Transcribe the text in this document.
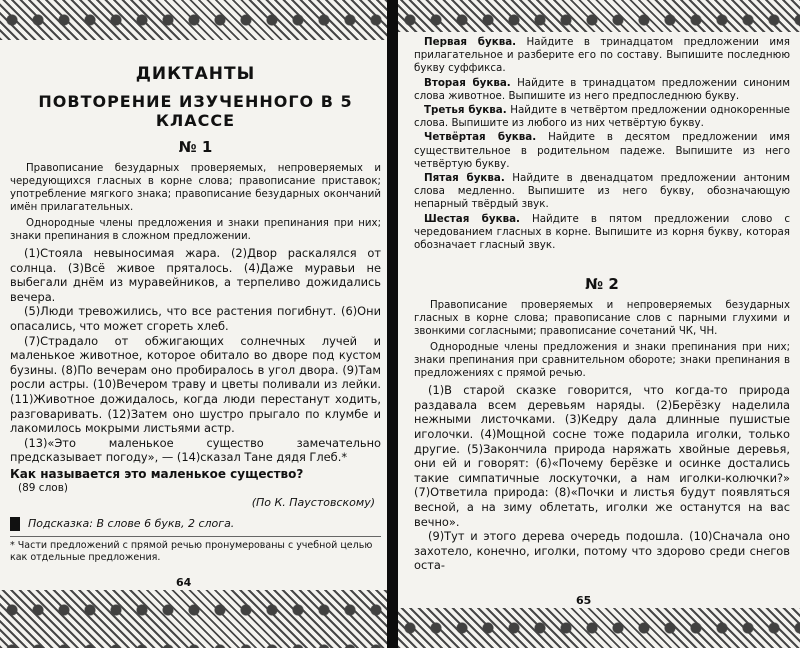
ДИКТАНТЫ
ПОВТОРЕНИЕ ИЗУЧЕННОГО В 5 КЛАССЕ
№ 1

Правописание безударных проверяемых, непроверяемых и чередующихся гласных в корне слова; правописание приставок; употребление мягкого знака; правописание безударных окончаний имён прилагательных.

Однородные члены предложения и знаки препинания при них; знаки препинания в сложном предложении.

(1)Стояла невыносимая жара. (2)Двор раскалялся от солнца. (3)Всё живое пряталось. (4)Даже муравьи не выбегали днём из муравейников, а терпеливо дожидались вечера.

(5)Люди тревожились, что все растения погибнут. (6)Они опасались, что может сгореть хлеб.

(7)Страдало от обжигающих солнечных лучей и маленькое животное, которое обитало во дворе под кустом бузины. (8)По вечерам оно пробиралось в угол двора. (9)Там росли астры. (10)Вечером траву и цветы поливали из лейки. (11)Животное дожидалось, когда люди перестанут ходить, разговаривать. (12)Затем оно шустро прыгало по клумбе и лакомилось мокрыми листьями астр.

(13)«Это маленькое существо замечательно предсказывает погоду», — (14)сказал Тане дядя Глеб.*

Как называется это маленькое существо?
(89 слов)
(По К. Паустовскому)
Подсказка: В слове 6 букв, 2 слога.
* Части предложений с прямой речью пронумерованы с учебной целью как отдельные предложения.
64

Первая буква. Найдите в тринадцатом предложении имя прилагательное и разберите его по составу. Выпишите последнюю букву суффикса.

Вторая буква. Найдите в тринадцатом предложении синоним слова животное. Выпишите из него предпоследнюю букву.

Третья буква. Найдите в четвёртом предложении однокоренные слова. Выпишите из любого из них четвёртую букву.

Четвёртая буква. Найдите в десятом предложении имя существительное в родительном падеже. Выпишите из него четвёртую букву.

Пятая буква. Найдите в двенадцатом предложении антоним слова медленно. Выпишите из него букву, обозначающую непарный твёрдый звук.

Шестая буква. Найдите в пятом предложении слово с чередованием гласных в корне. Выпишите из корня букву, которая обозначает гласный звук.

№ 2

Правописание проверяемых и непроверяемых безударных гласных в корне слова; правописание слов с парными глухими и звонкими согласными; правописание сочетаний ЧК, ЧН.

Однородные члены предложения и знаки препинания при них; знаки препинания при сравнительном обороте; знаки препинания в предложениях с прямой речью.

(1)В старой сказке говорится, что когда-то природа раздавала всем деревьям наряды. (2)Берёзку наделила нежными листочками. (3)Кедру дала длинные пушистые иголочки. (4)Мощной сосне тоже подарила иголки, только другие. (5)Закончила природа наряжать хвойные деревья, они ей и говорят: (6)«Почему берёзке и осинке достались такие симпатичные лоскуточки, а нам иголки-колючки?» (7)Ответила природа: (8)«Почки и листья будут появляться весной, а на зиму облетать, иголки же останутся на вас вечно».

(9)Тут и этого дерева очередь подошла. (10)Сначала оно захотело, конечно, иголки, потому что здорово среди снегов оста-

65
